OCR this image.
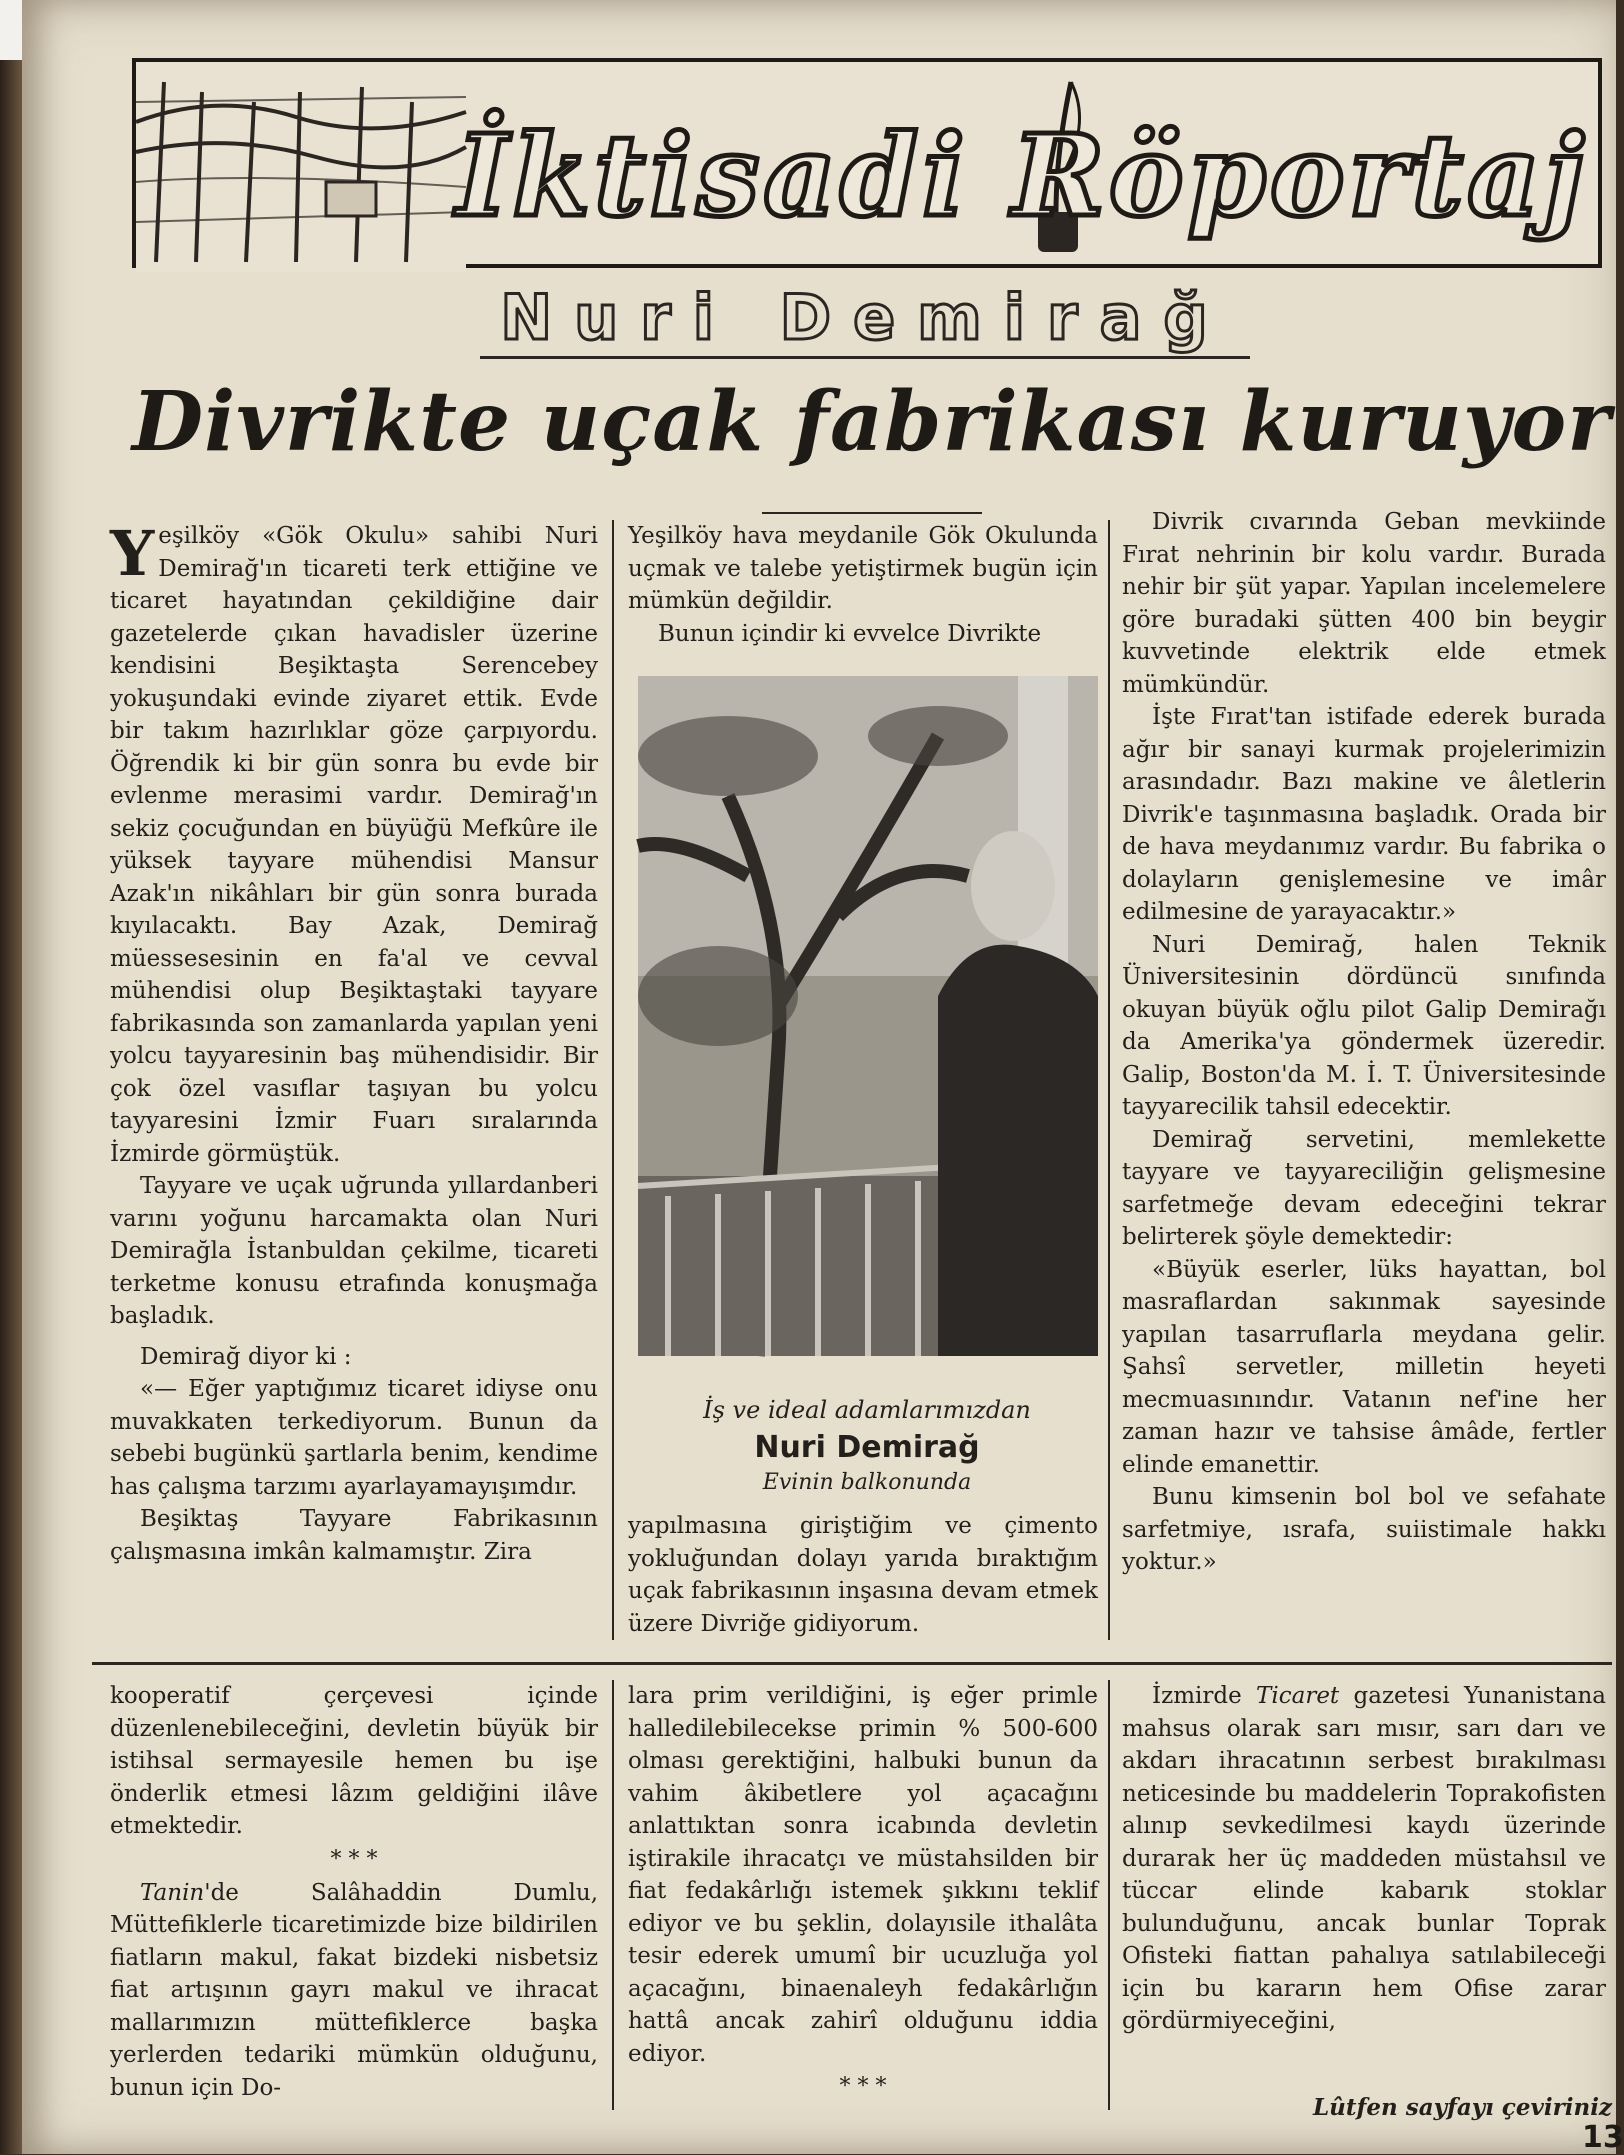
İktisadi Röportaj
Nuri Demirağ
Divrikte uçak fabrikası kuruyor

Yeşilköy «Gök Okulu» sahibi Nuri Demirağ'ın ticareti terk ettiğine ve ticaret hayatından çekildiğine dair gazetelerde çıkan havadisler üzerine kendisini Beşiktaşta Serencebey yokuşundaki evinde ziyaret ettik. Evde bir takım hazırlıklar göze çarpıyordu. Öğrendik ki bir gün sonra bu evde bir evlenme merasimi vardır. Demirağ'ın sekiz çocuğundan en büyüğü Mefkûre ile yüksek tayyare mühendisi Mansur Azak'ın nikâhları bir gün sonra burada kıyılacaktı. Bay Azak, Demirağ müessesesinin en fa'al ve cevval mühendisi olup Beşiktaştaki tayyare fabrikasında son zamanlarda yapılan yeni yolcu tayyaresinin baş mühendisidir. Bir çok özel vasıflar taşıyan bu yolcu tayyaresini İzmir Fuarı sıralarında İzmirde görmüştük.

Tayyare ve uçak uğrunda yıllardanberi varını yoğunu harcamakta olan Nuri Demirağla İstanbuldan çekilme, ticareti terketme konusu etrafında konuşmağa başladık.

Demirağ diyor ki :

«— Eğer yaptığımız ticaret idiyse onu muvakkaten terkediyorum. Bunun da sebebi bugünkü şartlarla benim, kendime has çalışma tarzımı ayarlayamayışımdır.

Beşiktaş Tayyare Fabrikasının çalışmasına imkân kalmamıştır. Zira

Yeşilköy hava meydanile Gök Okulunda uçmak ve talebe yetiştirmek bugün için mümkün değildir.

Bunun içindir ki evvelce Divrikte

İş ve ideal adamlarımızdan
Nuri Demirağ
Evinin balkonunda

yapılmasına giriştiğim ve çimento yokluğundan dolayı yarıda bıraktığım uçak fabrikasının inşasına devam etmek üzere Divriğe gidiyorum.

Divrik cıvarında Geban mevkiinde Fırat nehrinin bir kolu vardır. Burada nehir bir şüt yapar. Yapılan incelemelere göre buradaki şütten 400 bin beygir kuvvetinde elektrik elde etmek mümkündür.

İşte Fırat'tan istifade ederek burada ağır bir sanayi kurmak projelerimizin arasındadır. Bazı makine ve âletlerin Divrik'e taşınmasına başladık. Orada bir de hava meydanımız vardır. Bu fabrika o dolayların genişlemesine ve imâr edilmesine de yarayacaktır.»

Nuri Demirağ, halen Teknik Üniversitesinin dördüncü sınıfında okuyan büyük oğlu pilot Galip Demirağı da Amerika'ya göndermek üzeredir. Galip, Boston'da M. İ. T. Üniversitesinde tayyarecilik tahsil edecektir.

Demirağ servetini, memlekette tayyare ve tayyareciliğin gelişmesine sarfetmeğe devam edeceğini tekrar belirterek şöyle demektedir:

«Büyük eserler, lüks hayattan, bol masraflardan sakınmak sayesinde yapılan tasarruflarla meydana gelir. Şahsî servetler, milletin heyeti mecmuasınındır. Vatanın nef'ine her zaman hazır ve tahsise âmâde, fertler elinde emanettir.

Bunu kimsenin bol bol ve sefahate sarfetmiye, ısrafa, suiistimale hakkı yoktur.»

kooperatif çerçevesi içinde düzenlenebileceğini, devletin büyük bir istihsal sermayesile hemen bu işe önderlik etmesi lâzım geldiğini ilâve etmektedir.

* * *

Tanin'de Salâhaddin Dumlu, Müttefiklerle ticaretimizde bize bildirilen fiatların makul, fakat bizdeki nisbetsiz fiat artışının gayrı makul ve ihracat mallarımızın müttefiklerce başka yerlerden tedariki mümkün olduğunu, bunun için Do-

lara prim verildiğini, iş eğer primle halledilebilecekse primin % 500-600 olması gerektiğini, halbuki bunun da vahim âkibetlere yol açacağını anlattıktan sonra icabında devletin iştirakile ihracatçı ve müstahsilden bir fiat fedakârlığı istemek şıkkını teklif ediyor ve bu şeklin, dolayısile ithalâta tesir ederek umumî bir ucuzluğa yol açacağını, binaenaleyh fedakârlığın hattâ ancak zahirî olduğunu iddia ediyor.

* * *

İzmirde Ticaret gazetesi Yunanistana mahsus olarak sarı mısır, sarı darı ve akdarı ihracatının serbest bırakılması neticesinde bu maddelerin Toprakofisten alınıp sevkedilmesi kaydı üzerinde durarak her üç maddeden müstahsıl ve tüccar elinde kabarık stoklar bulunduğunu, ancak bunlar Toprak Ofisteki fiattan pahalıya satılabileceği için bu kararın hem Ofise zarar gördürmiyeceğini,

Lûtfen sayfayı çeviriniz
13
